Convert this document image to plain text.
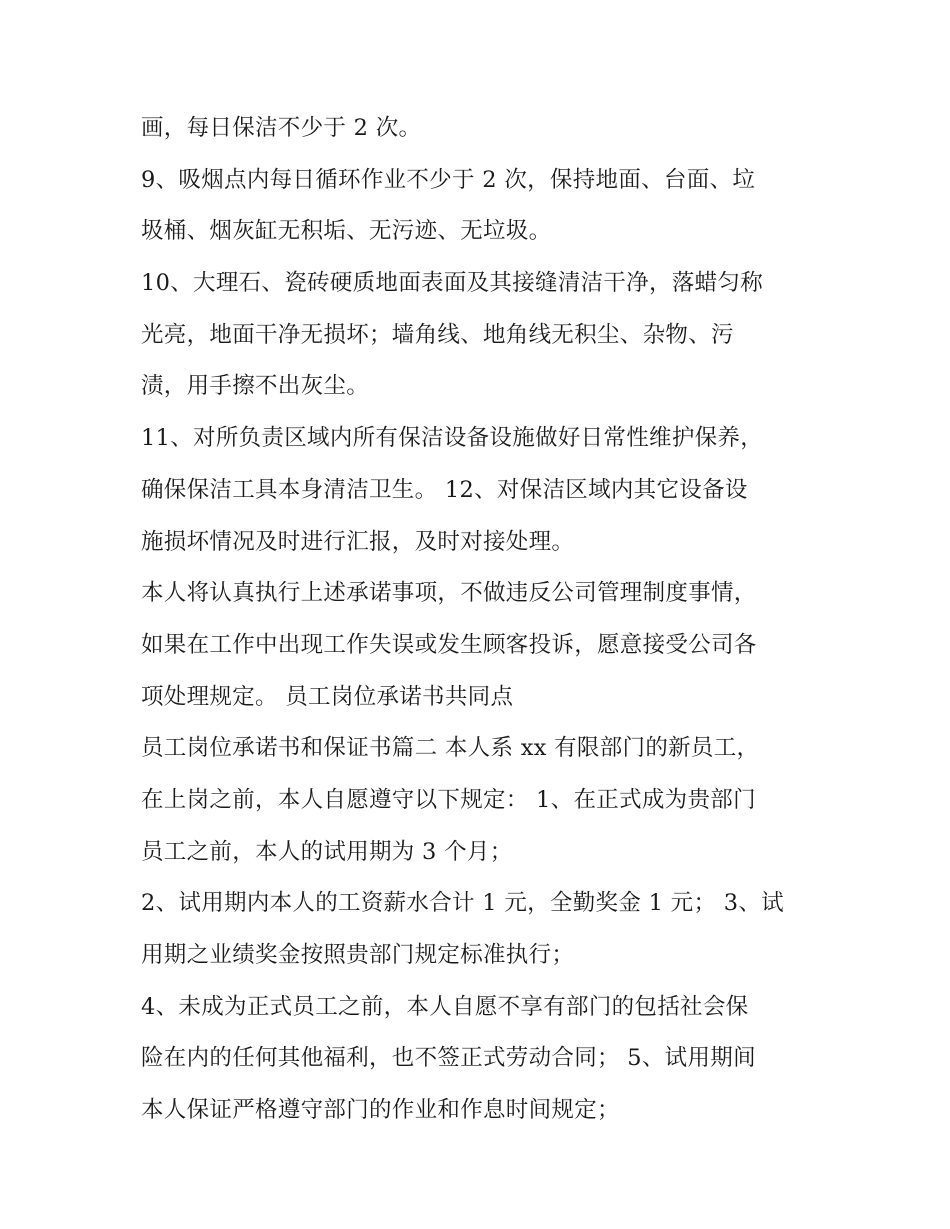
画，每日保洁不少于 2 次。
9、吸烟点内每日循环作业不少于 2 次，保持地面、台面、垃
圾桶、烟灰缸无积垢、无污迹、无垃圾。
10、大理石、瓷砖硬质地面表面及其接缝清洁干净，落蜡匀称
光亮，地面干净无损坏；墙角线、地角线无积尘、杂物、污
渍，用手擦不出灰尘。
11、对所负责区域内所有保洁设备设施做好日常性维护保养，
确保保洁工具本身清洁卫生。 12、对保洁区域内其它设备设
施损坏情况及时进行汇报，及时对接处理。
本人将认真执行上述承诺事项，不做违反公司管理制度事情，
如果在工作中出现工作失误或发生顾客投诉，愿意接受公司各
项处理规定。 员工岗位承诺书共同点
员工岗位承诺书和保证书篇二 本人系 xx 有限部门的新员工，
在上岗之前，本人自愿遵守以下规定： 1、在正式成为贵部门
员工之前，本人的试用期为 3 个月；
2、试用期内本人的工资薪水合计 1 元，全勤奖金 1 元； 3、试
用期之业绩奖金按照贵部门规定标准执行；
4、未成为正式员工之前，本人自愿不享有部门的包括社会保
险在内的任何其他福利，也不签正式劳动合同； 5、试用期间
本人保证严格遵守部门的作业和作息时间规定；
